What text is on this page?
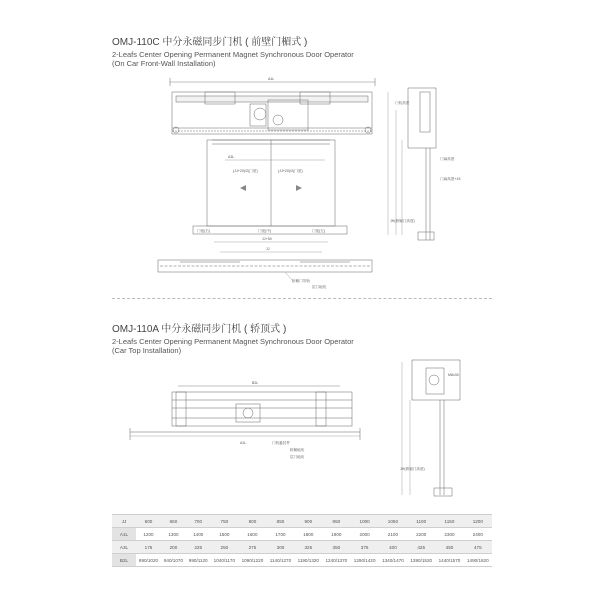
OMJ-110C 中分永磁同步门机 ( 前壁门楣式 )
2-Leafs Center Opening Permanent Magnet Synchronous Door Operator
(On Car Front-Wall Installation)
OMJ-110A 中分永磁同步门机 ( 轿顶式 )
2-Leafs Center Opening Permanent Magnet Synchronous Door Operator
(Car Top Installation)
A1L
A3L
(JJ+20)/2(门宽)	(JJ+20)/2(门宽)
门宽(右)	门宽(中)	门宽(左)
JJ+50
JJ
轿厢门导轨
层门地坎
门机高度
门扇高度
门扇高度+15
JH(轿厢门高度)
B2L
A1L	门机悬挂件
轿厢地坎
层门地坎
M8x30
JH(轿厢门高度)
JJ	600	650	700	750	800	850	900	950	1000	1050	1100	1150	1200
A1L	1200	1300	1400	1500	1600	1700	1800	1900	2000	2100	2200	2300	2400
A3L	175	200	225	250	275	300	325	350	375	400	425	450	475
B2L	890/1020	940/1070	990/1120	1040/1170	1090/1220	1140/1270	1190/1320	1240/1370	1290/1420	1340/1470	1390/1520	1440/1570	1490/1620
